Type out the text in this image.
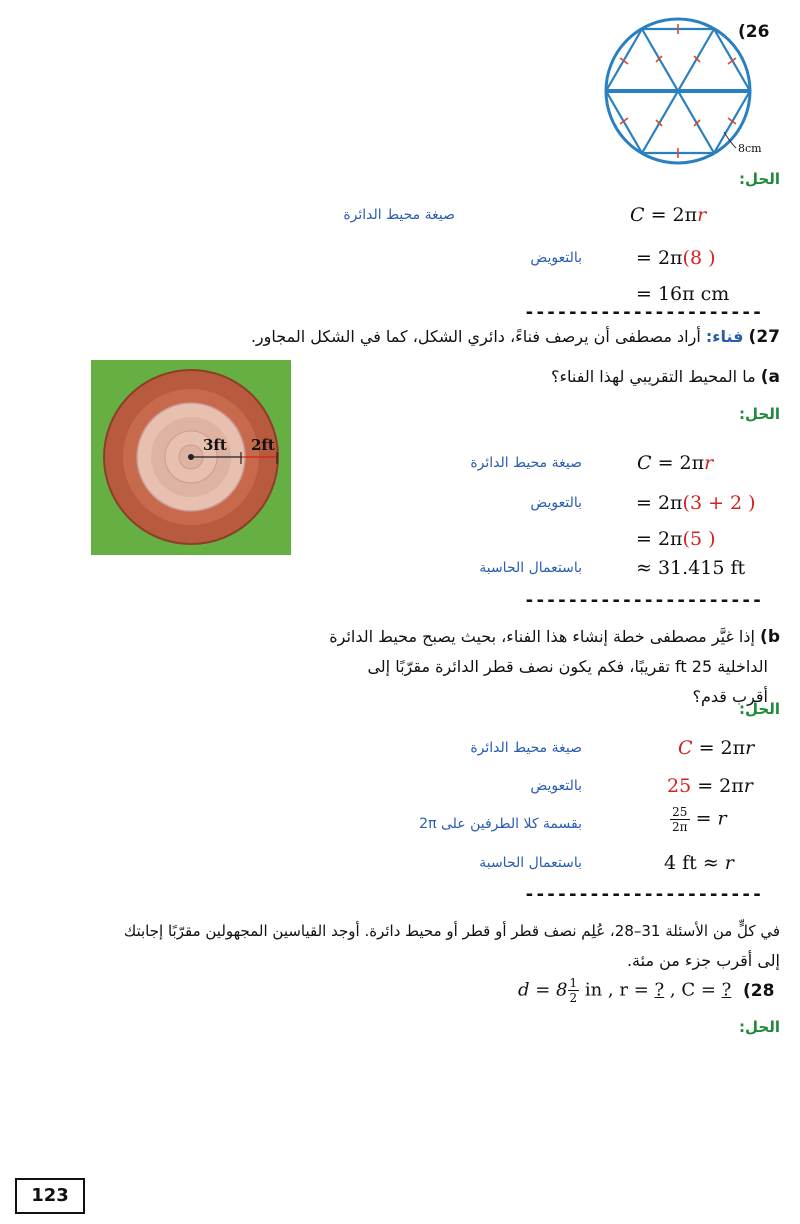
(26
8cm
الحل:
صيغة محيط الدائرة	C = 2πr
بالتعويض	= 2π(8 )
= 16π cm
----------------------
27) فناء: أراد مصطفى أن يرصف فناءً، دائري الشكل، كما في الشكل المجاور.
a) ما المحيط التقريبي لهذا الفناء؟
3ft 2ft
الحل:
صيغة محيط الدائرة	C = 2πr
بالتعويض	= 2π(3 + 2 )
= 2π(5 )
باستعمال الحاسبة	≈ 31.415 ft
----------------------
b) إذا غيَّر مصطفى خطة إنشاء هذا الفناء، بحيث يصبح محيط الدائرة
الداخلية 25 ft تقريبًا، فكم يكون نصف قطر الدائرة مقرّبًا إلى
أقرب قدم؟
الحل:
صيغة محيط الدائرة	C = 2πr
بالتعويض	25 = 2πr
بقسمة كلا الطرفين على 2π	$\frac{25}{2\pi} = r$
باستعمال الحاسبة	4 ft ≈ r
----------------------
في كلٍّ من الأسئلة 31–28، عُلِم نصف قطر أو قطر أو محيط دائرة. أوجد القياسين المجهولين مقرّبًا إجابتك
إلى أقرب جزء من مئة.
$d = 8 \frac{1}{2}$ in , r = ? , C = ? (28
الحل:
123
